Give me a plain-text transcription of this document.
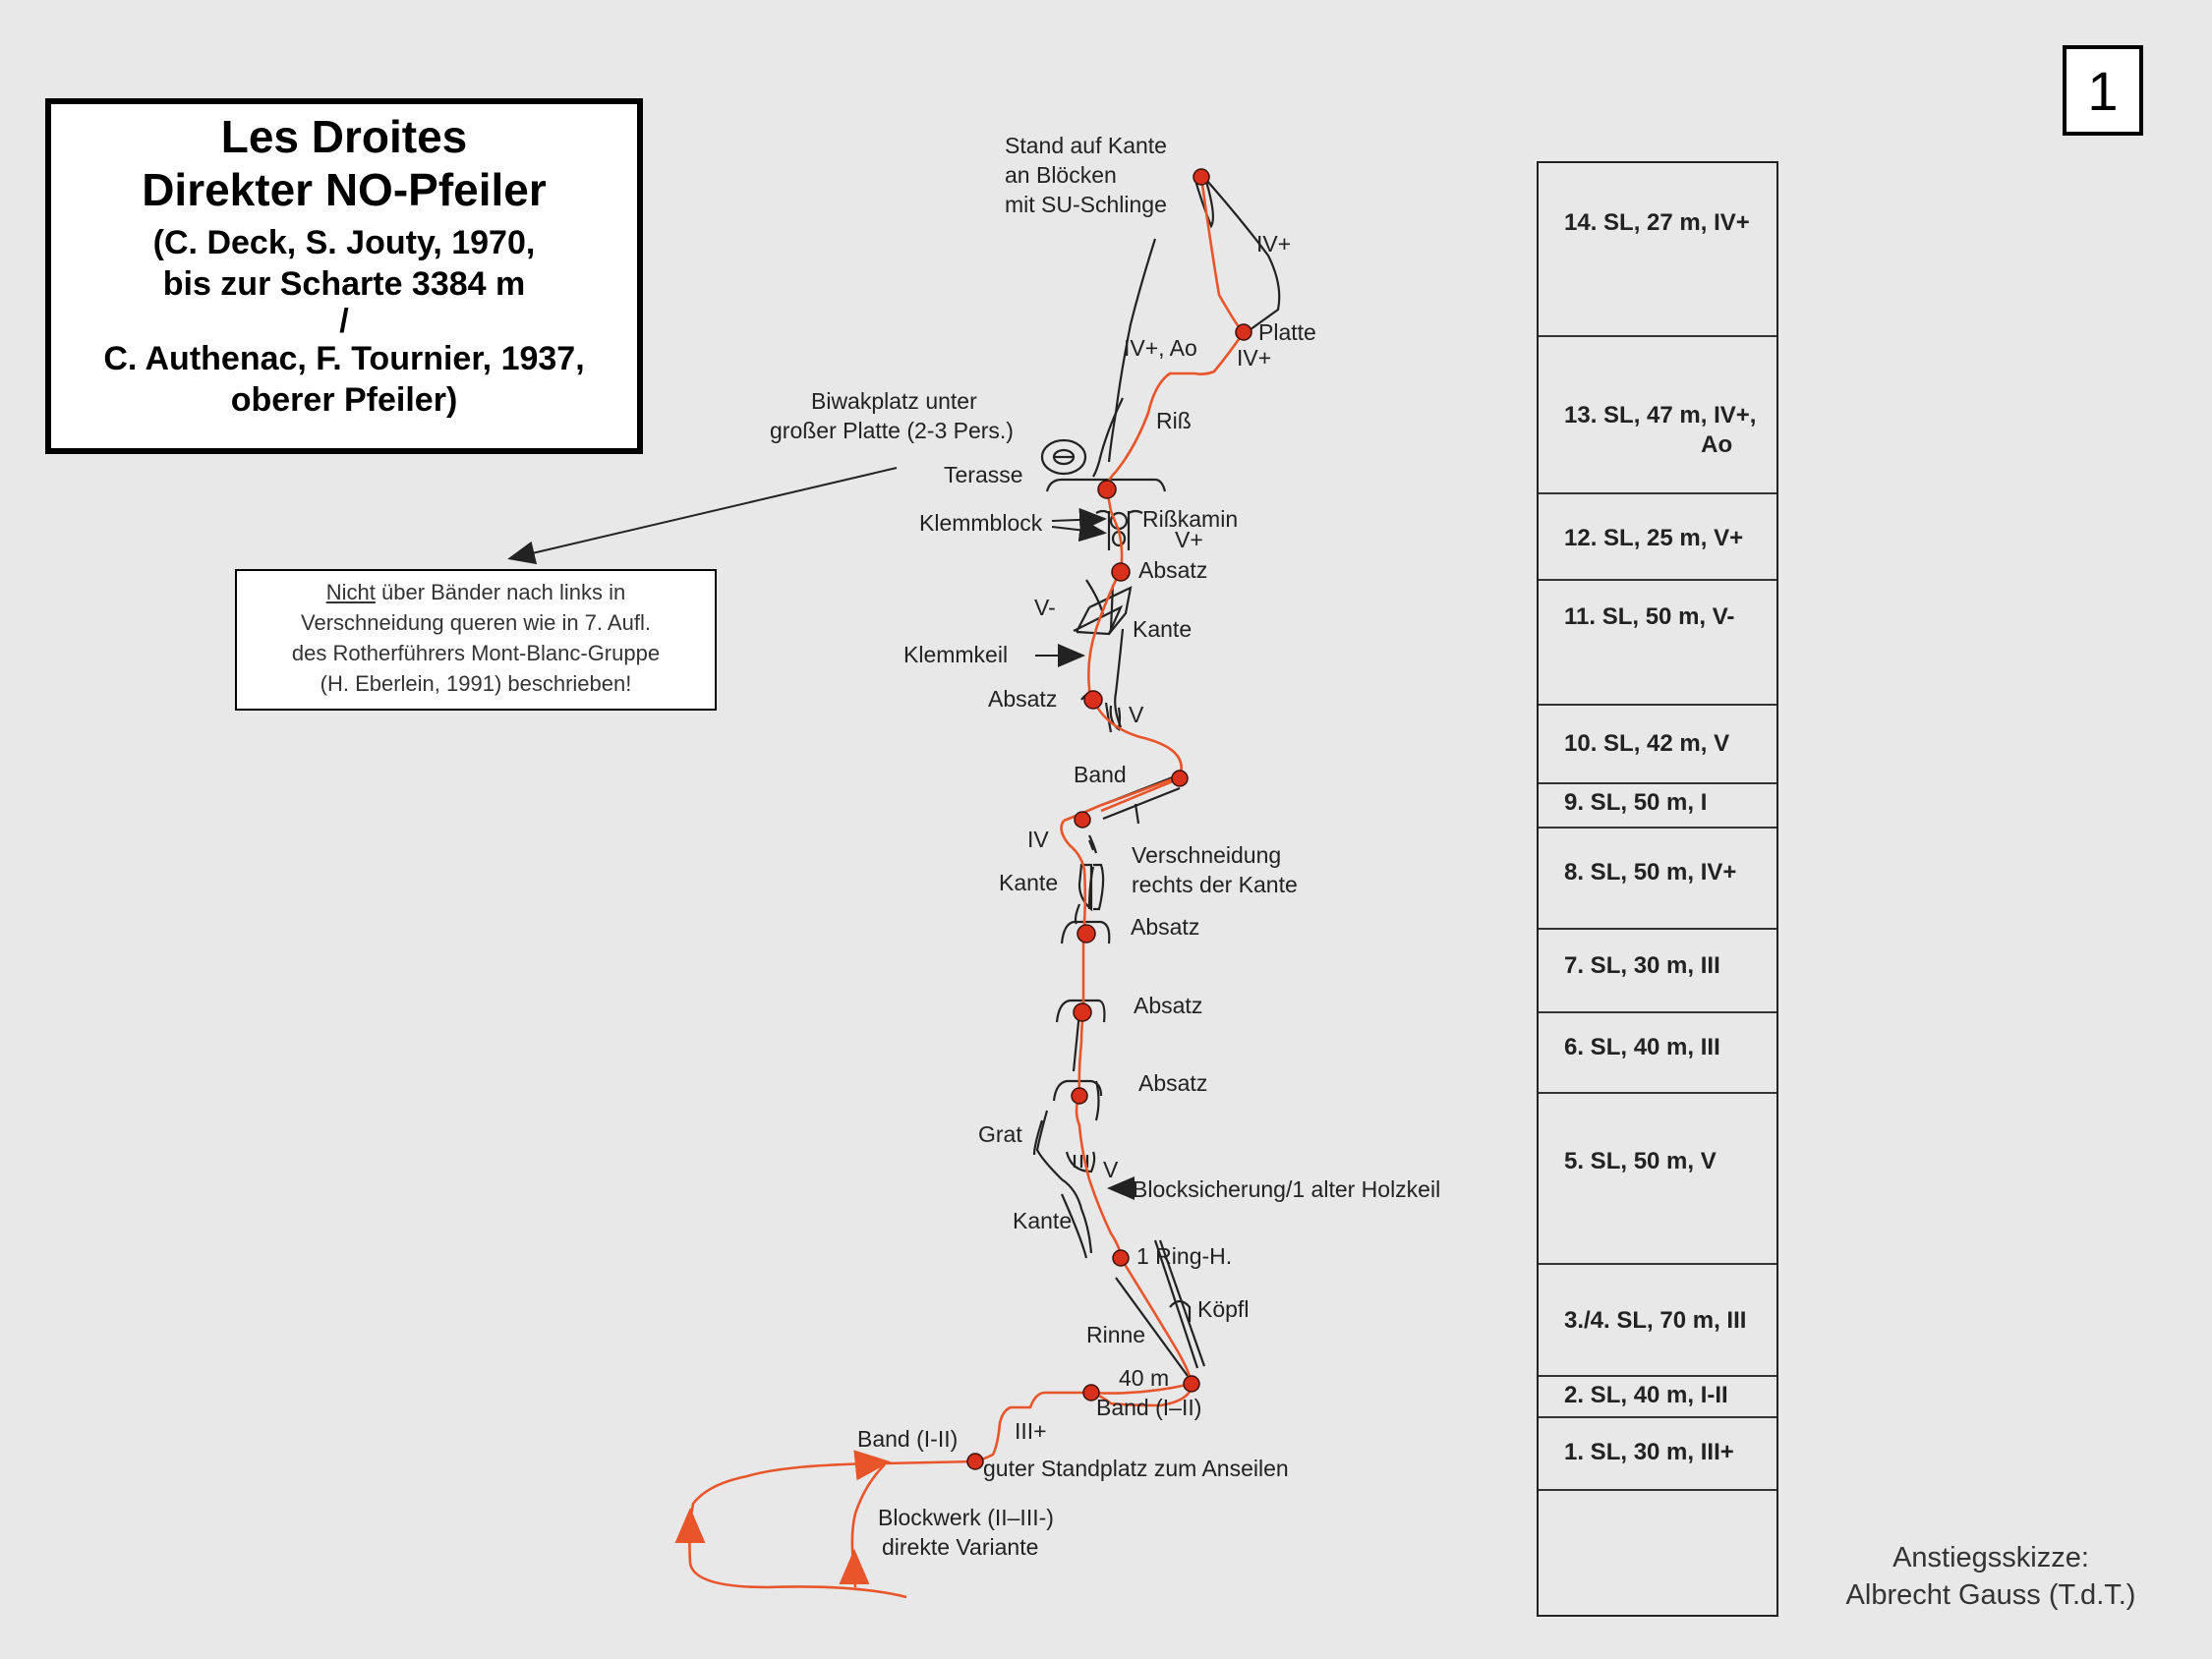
1
Les Droites
Direkter NO-Pfeiler
(C. Deck, S. Jouty, 1970,
bis zur Scharte 3384 m
/
C. Authenac, F. Tournier, 1937,
oberer Pfeiler)
Nicht über Bänder nach links in
Verschneidung queren wie in 7. Aufl.
des Rotherführers Mont-Blanc-Gruppe
(H. Eberlein, 1991) beschrieben!
14. SL, 27 m, IV+
13. SL, 47 m, IV+,
Ao
12. SL, 25 m, V+
11. SL, 50 m, V-
10. SL, 42 m, V
9. SL, 50 m, I
8. SL, 50 m, IV+
7. SL, 30 m, III
6. SL, 40 m, III
5. SL, 50 m, V
3./4. SL, 70 m, III
2. SL, 40 m, I-II
1. SL, 30 m, III+
Anstiegsskizze:
Albrecht Gauss (T.d.T.)
Stand auf Kante
an Blöcken
mit SU-Schlinge
IV+
Platte
IV+, Ao IV+
Riß
Biwakplatz unter
großer Platte (2-3 Pers.)
Terasse
Klemmblock	Rißkamin
V+
Absatz
V-
Kante
Klemmkeil
Absatz
V
Band
IV
Kante
Verschneidung
rechts der Kante
Absatz
Absatz
Absatz
Grat
V
Blocksicherung/1 alter Holzkeil
Kante
1 Ring-H.
Köpfl
Rinne
40 m
Band (I–II)
III+
Band (I-II)
guter Standplatz zum Anseilen
Blockwerk (II–III-)
direkte Variante
